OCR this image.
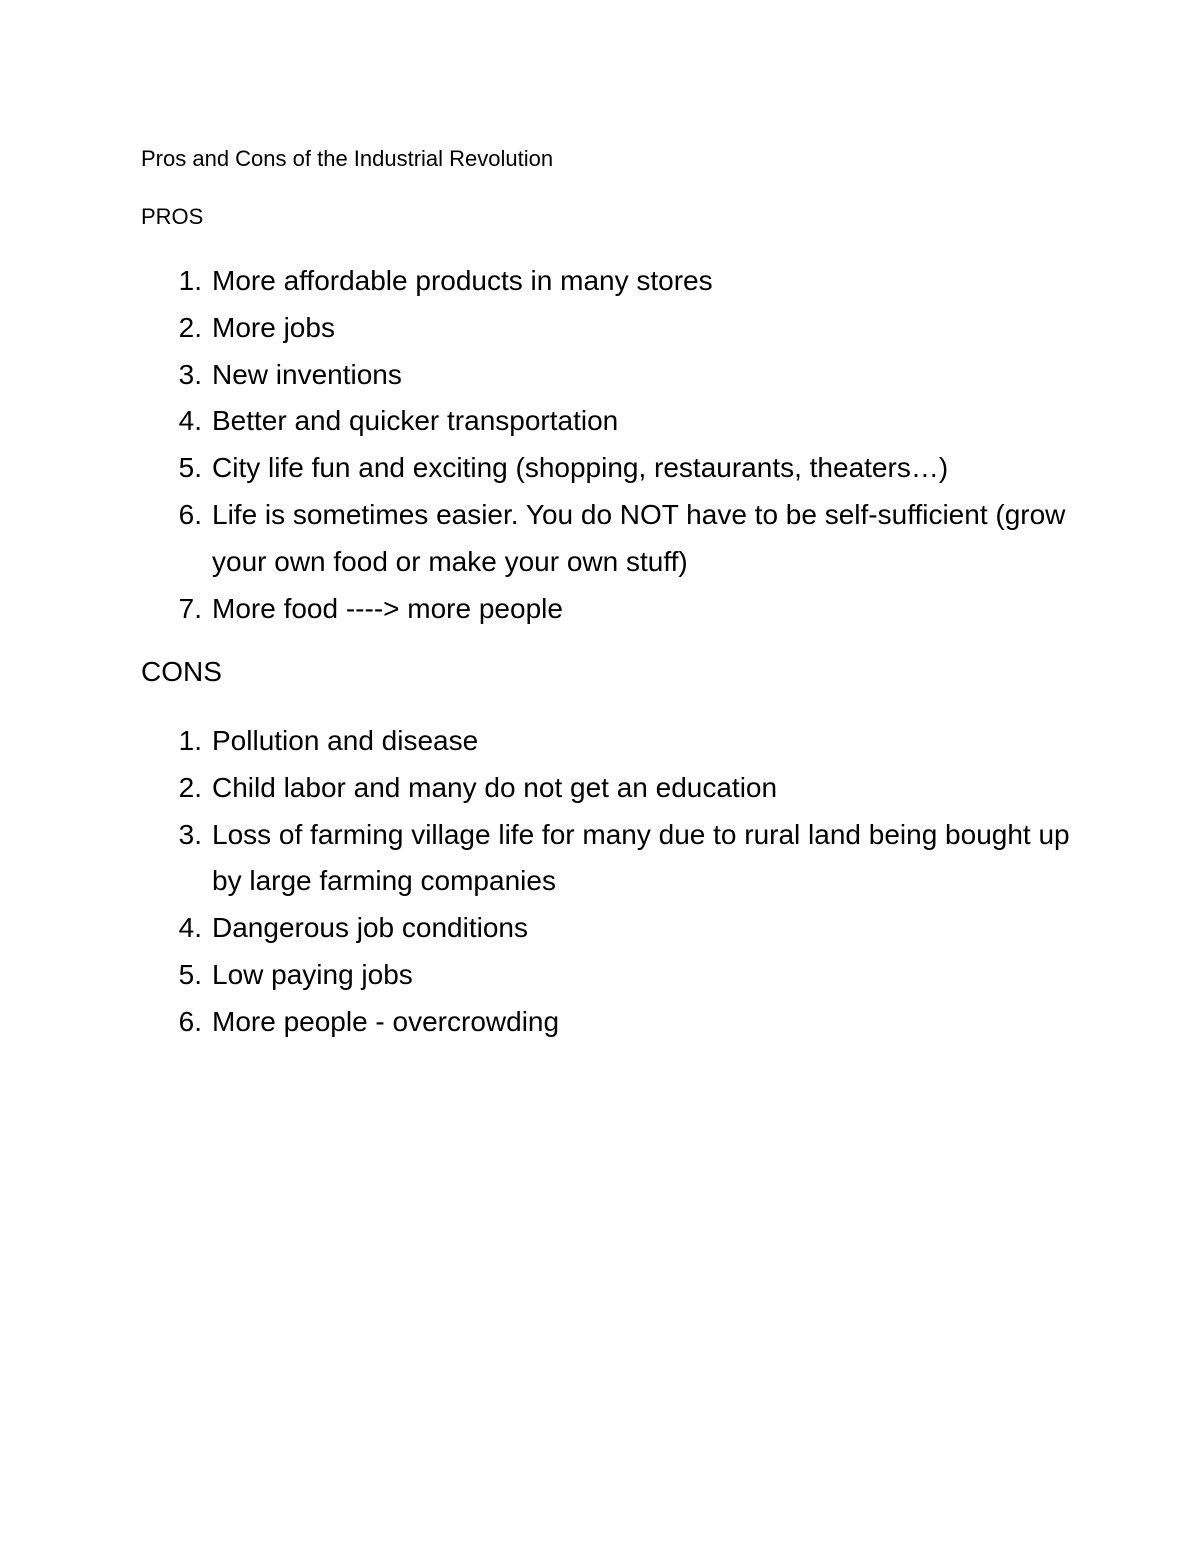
Pros and Cons of the Industrial Revolution
PROS
1. More affordable products in many stores
2. More jobs
3. New inventions
4. Better and quicker transportation
5. City life fun and exciting (shopping, restaurants, theaters…)
6. Life is sometimes easier. You do NOT have to be self-sufficient (grow your own food or make your own stuff)
7. More food ----> more people
CONS
1. Pollution and disease
2. Child labor and many do not get an education
3. Loss of farming village life for many due to rural land being bought up by large farming companies
4. Dangerous job conditions
5. Low paying jobs
6. More people - overcrowding
